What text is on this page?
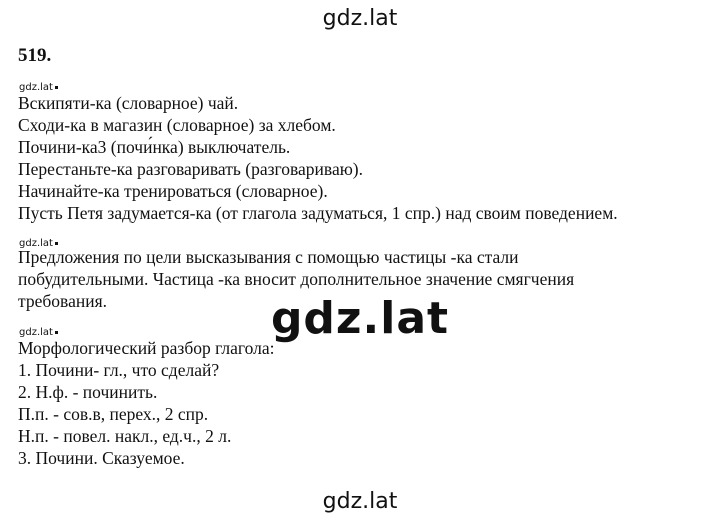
gdz.lat
519.
gdz.lat
Вскипяти-ка (словарное) чай.
Сходи-ка в магазин (словарное) за хлебом.
Почини-ка3 (почи́нка) выключатель.
Перестаньте-ка разговаривать (разговариваю).
Начинайте-ка тренироваться (словарное).
Пусть Петя задумается-ка (от глагола задуматься, 1 спр.) над своим поведением.
gdz.lat
Предложения по цели высказывания с помощью частицы -ка стали
побудительными. Частица -ка вносит дополнительное значение смягчения
требования.	gdz.lat
gdz.lat
Морфологический разбор глагола:
1. Почини- гл., что сделай?
2. Н.ф. - починить.
П.п. - сов.в, перех., 2 спр.
Н.п. - повел. накл., ед.ч., 2 л.
3. Почини. Сказуемое.
gdz.lat
